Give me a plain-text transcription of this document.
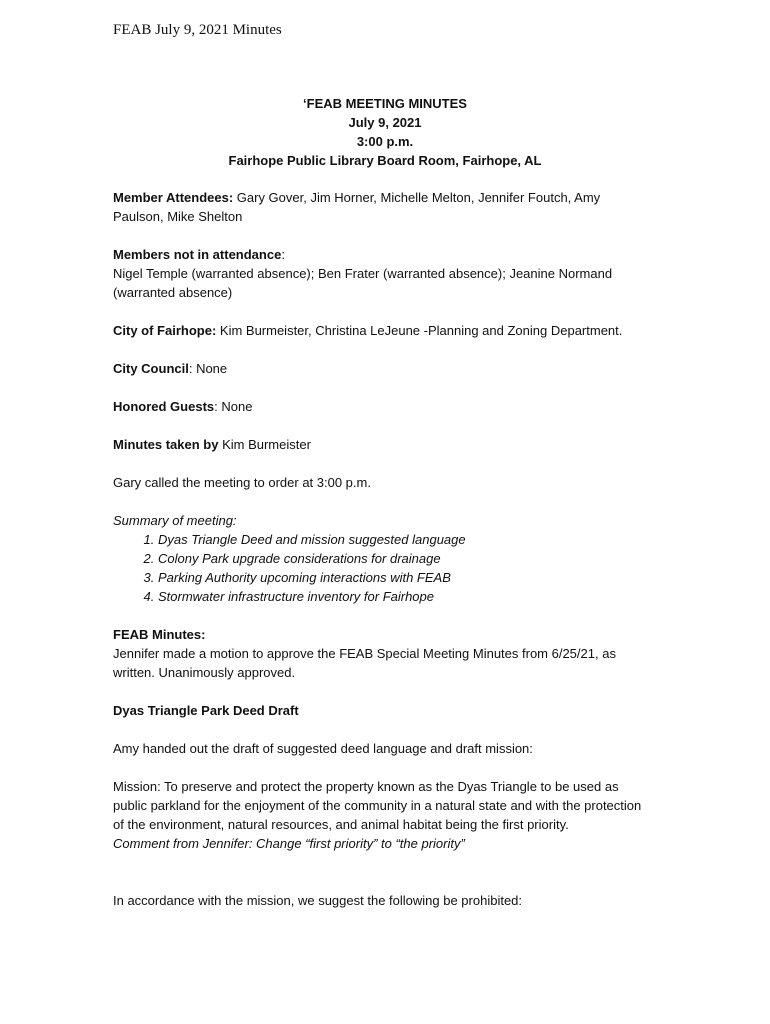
FEAB July 9, 2021 Minutes
‘FEAB MEETING MINUTES
July 9, 2021
3:00 p.m.
Fairhope Public Library Board Room, Fairhope, AL
Member Attendees: Gary Gover, Jim Horner, Michelle Melton, Jennifer Foutch, Amy Paulson, Mike Shelton
Members not in attendance:
Nigel Temple (warranted absence); Ben Frater (warranted absence); Jeanine Normand (warranted absence)
City of Fairhope: Kim Burmeister, Christina LeJeune -Planning and Zoning Department.
City Council: None
Honored Guests: None
Minutes taken by Kim Burmeister
Gary called the meeting to order at 3:00 p.m.
Summary of meeting:
1. Dyas Triangle Deed and mission suggested language
2. Colony Park upgrade considerations for drainage
3. Parking Authority upcoming interactions with FEAB
4. Stormwater infrastructure inventory for Fairhope
FEAB Minutes:
Jennifer made a motion to approve the FEAB Special Meeting Minutes from 6/25/21, as written. Unanimously approved.
Dyas Triangle Park Deed Draft
Amy handed out the draft of suggested deed language and draft mission:
Mission: To preserve and protect the property known as the Dyas Triangle to be used as public parkland for the enjoyment of the community in a natural state and with the protection of the environment, natural resources, and animal habitat being the first priority.
Comment from Jennifer: Change “first priority” to “the priority”
In accordance with the mission, we suggest the following be prohibited:
